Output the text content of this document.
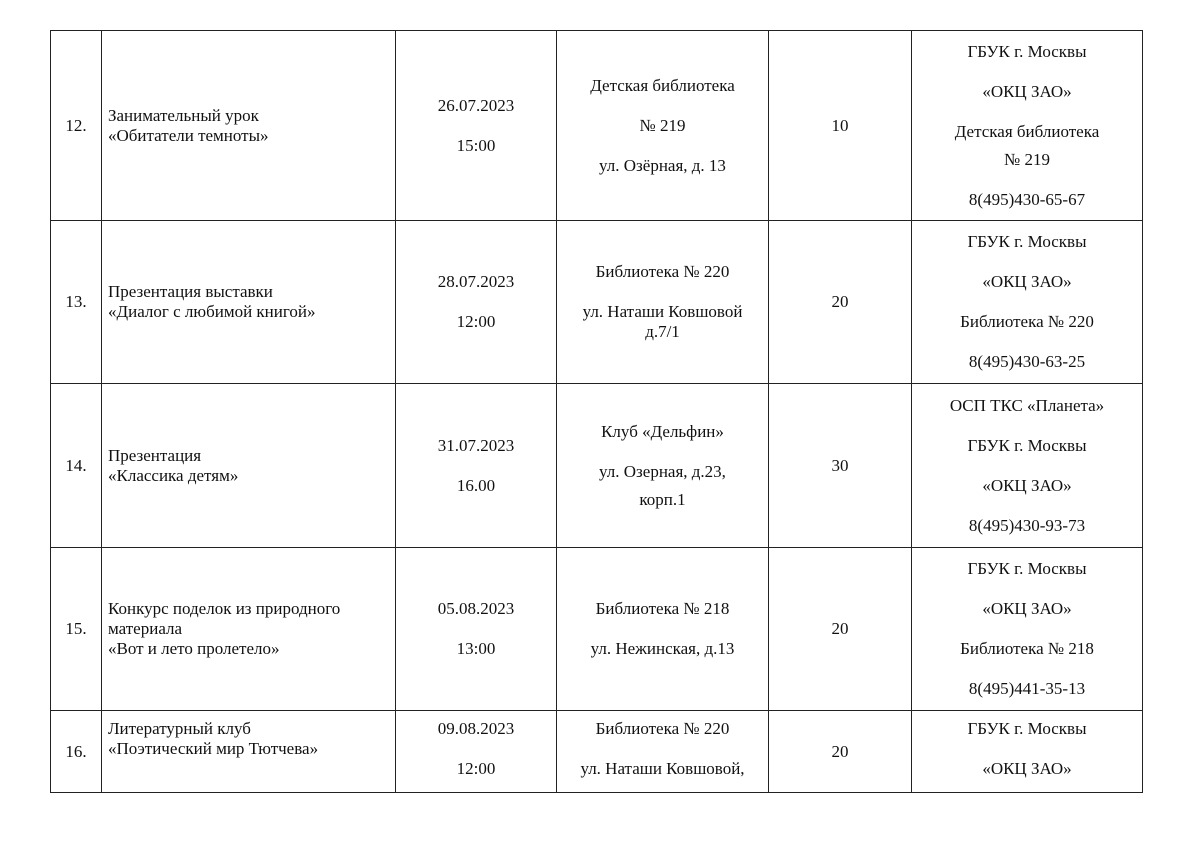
12.	Занимательный урок
«Обитатели темноты»	26.07.2023
15:00	Детская библиотека
№ 219
ул. Озёрная, д. 13	10	ГБУК г. Москвы
«ОКЦ ЗАО»
Детская библиотека
№ 219
8(495)430-65-67

13.	Презентация выставки
«Диалог с любимой книгой»	28.07.2023
12:00	Библиотека № 220
ул. Наташи Ковшовой
д.7/1	20	ГБУК г. Москвы
«ОКЦ ЗАО»
Библиотека № 220
8(495)430-63-25

14.	Презентация
«Классика детям»	31.07.2023
16.00	Клуб «Дельфин»
ул. Озерная, д.23,
корп.1	30	ОСП ТКС «Планета»
ГБУК г. Москвы
«ОКЦ ЗАО»
8(495)430-93-73

15.	Конкурс поделок из природного
материала
«Вот и лето пролетело»	05.08.2023
13:00	Библиотека № 218
ул. Нежинская, д.13	20	ГБУК г. Москвы
«ОКЦ ЗАО»
Библиотека № 218
8(495)441-35-13

16.	Литературный клуб
«Поэтический мир Тютчева»	09.08.2023
12:00	Библиотека № 220
ул. Наташи Ковшовой,	20	ГБУК г. Москвы
«ОКЦ ЗАО»
